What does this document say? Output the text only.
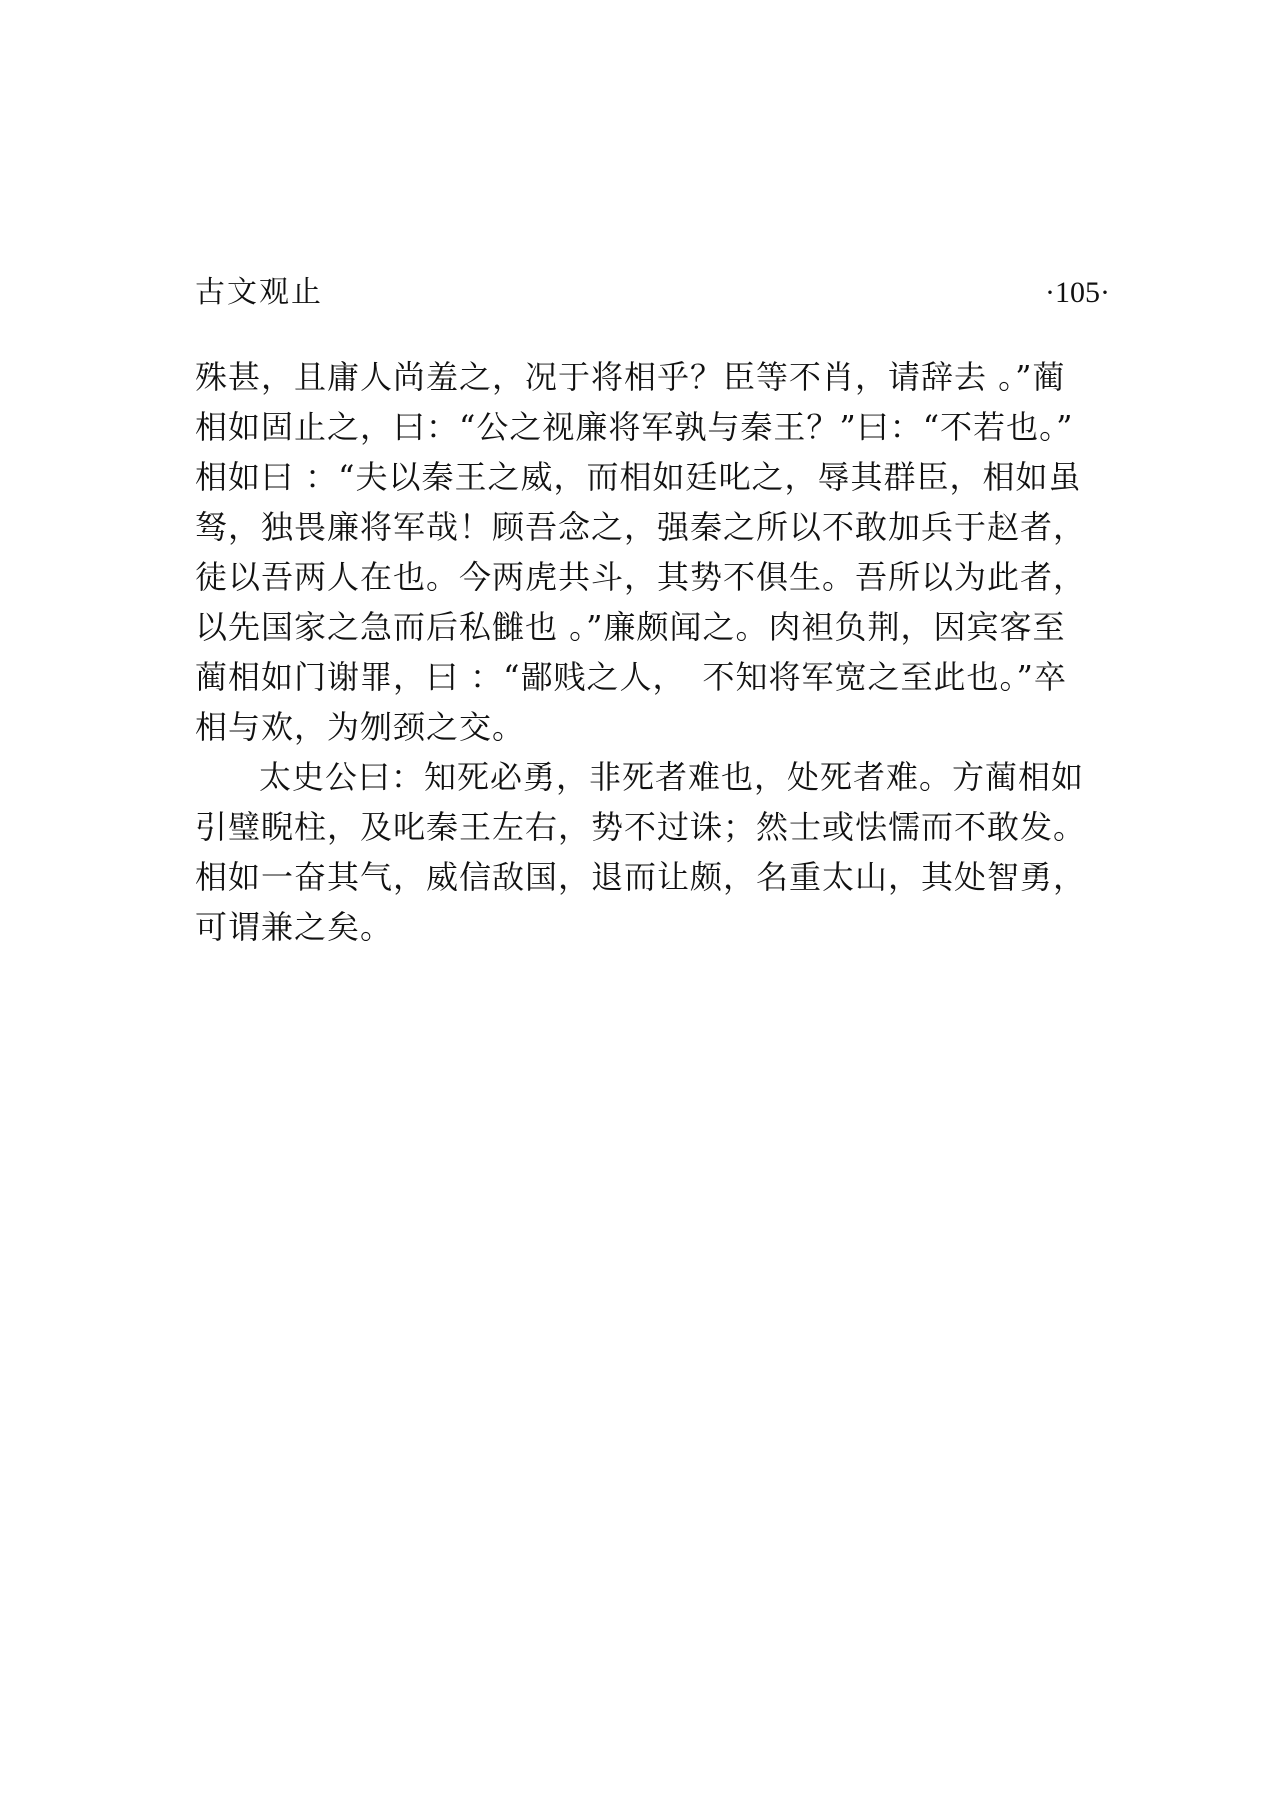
古文观止	·105·
殊甚，且庸人尚羞之，况于将相乎？臣等不肖，请辞去 。”蔺
相如固止之，曰：“公之视廉将军孰与秦王？”曰：“不若也。”
相如曰 ：“夫以秦王之威，而相如廷叱之，辱其群臣，相如虽
驽，独畏廉将军哉！顾吾念之，强秦之所以不敢加兵于赵者，
徒以吾两人在也。今两虎共斗，其势不俱生。吾所以为此者，
以先国家之急而后私雠也 。”廉颇闻之。肉袒负荆，因宾客至
蔺相如门谢罪，曰 ：“鄙贱之人，　不知将军宽之至此也。”卒
相与欢，为刎颈之交。
太史公曰：知死必勇，非死者难也，处死者难。方蔺相如
引璧睨柱，及叱秦王左右，势不过诛；然士或怯懦而不敢发。
相如一奋其气，威信敌国，退而让颇，名重太山，其处智勇，
可谓兼之矣。
